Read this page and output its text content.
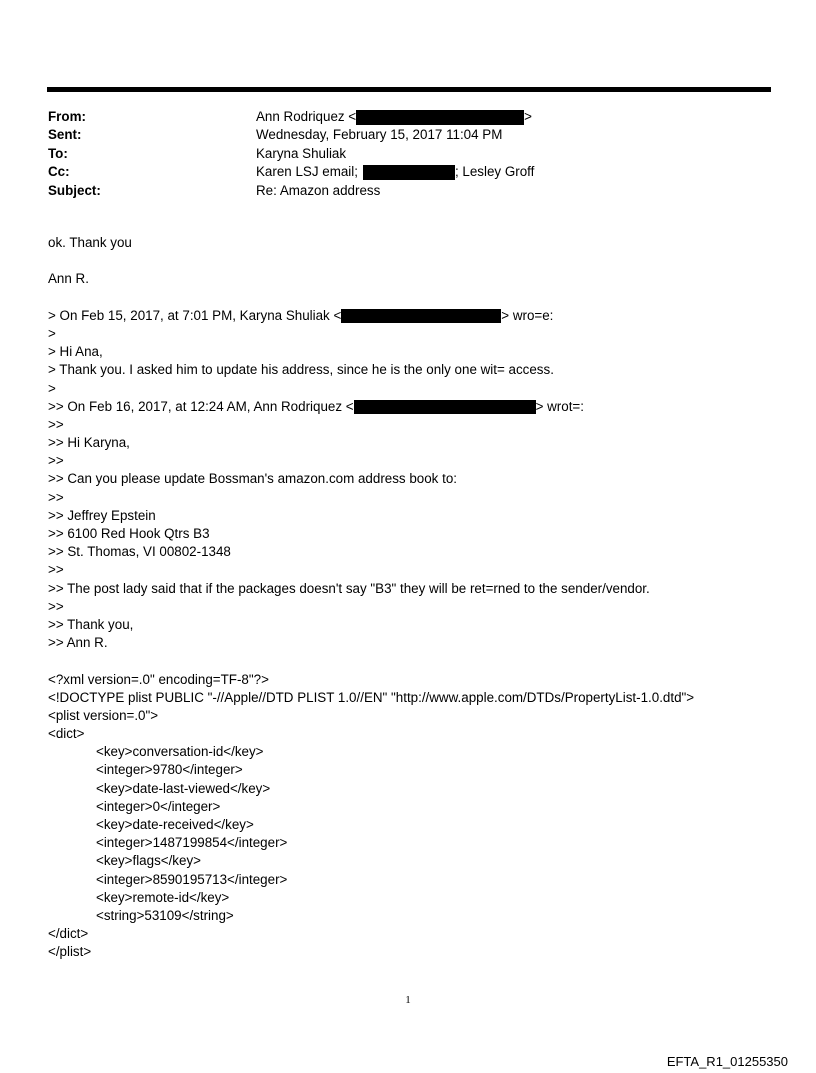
From:	Ann Rodriquez <	>
Sent:	Wednesday, February 15, 2017 11:04 PM
To:	Karyna Shuliak
Cc:	Karen LSJ email;	; Lesley Groff
Subject:	Re: Amazon address
ok. Thank you
Ann R.
> On Feb 15, 2017, at 7:01 PM, Karyna Shuliak <	> wro=e:
>
> Hi Ana,
> Thank you. I asked him to update his address, since he is the only one wit= access.
>
>> On Feb 16, 2017, at 12:24 AM, Ann Rodriquez <	> wrot=:
>>
>> Hi Karyna,
>>
>> Can you please update Bossman's amazon.com address book to:
>>
>> Jeffrey Epstein
>> 6100 Red Hook Qtrs B3
>> St. Thomas, VI 00802-1348
>>
>> The post lady said that if the packages doesn't say "B3" they will be ret=rned to the sender/vendor.
>>
>> Thank you,
>> Ann R.
<?xml version=.0" encoding=TF-8"?>
<!DOCTYPE plist PUBLIC "-//Apple//DTD PLIST 1.0//EN" "http://www.apple.com/DTDs/PropertyList-1.0.dtd">
<plist version=.0">
<dict>
<key>conversation-id</key>
<integer>9780</integer>
<key>date-last-viewed</key>
<integer>0</integer>
<key>date-received</key>
<integer>1487199854</integer>
<key>flags</key>
<integer>8590195713</integer>
<key>remote-id</key>
<string>53109</string>
</dict>
</plist>
1
EFTA_R1_01255350
